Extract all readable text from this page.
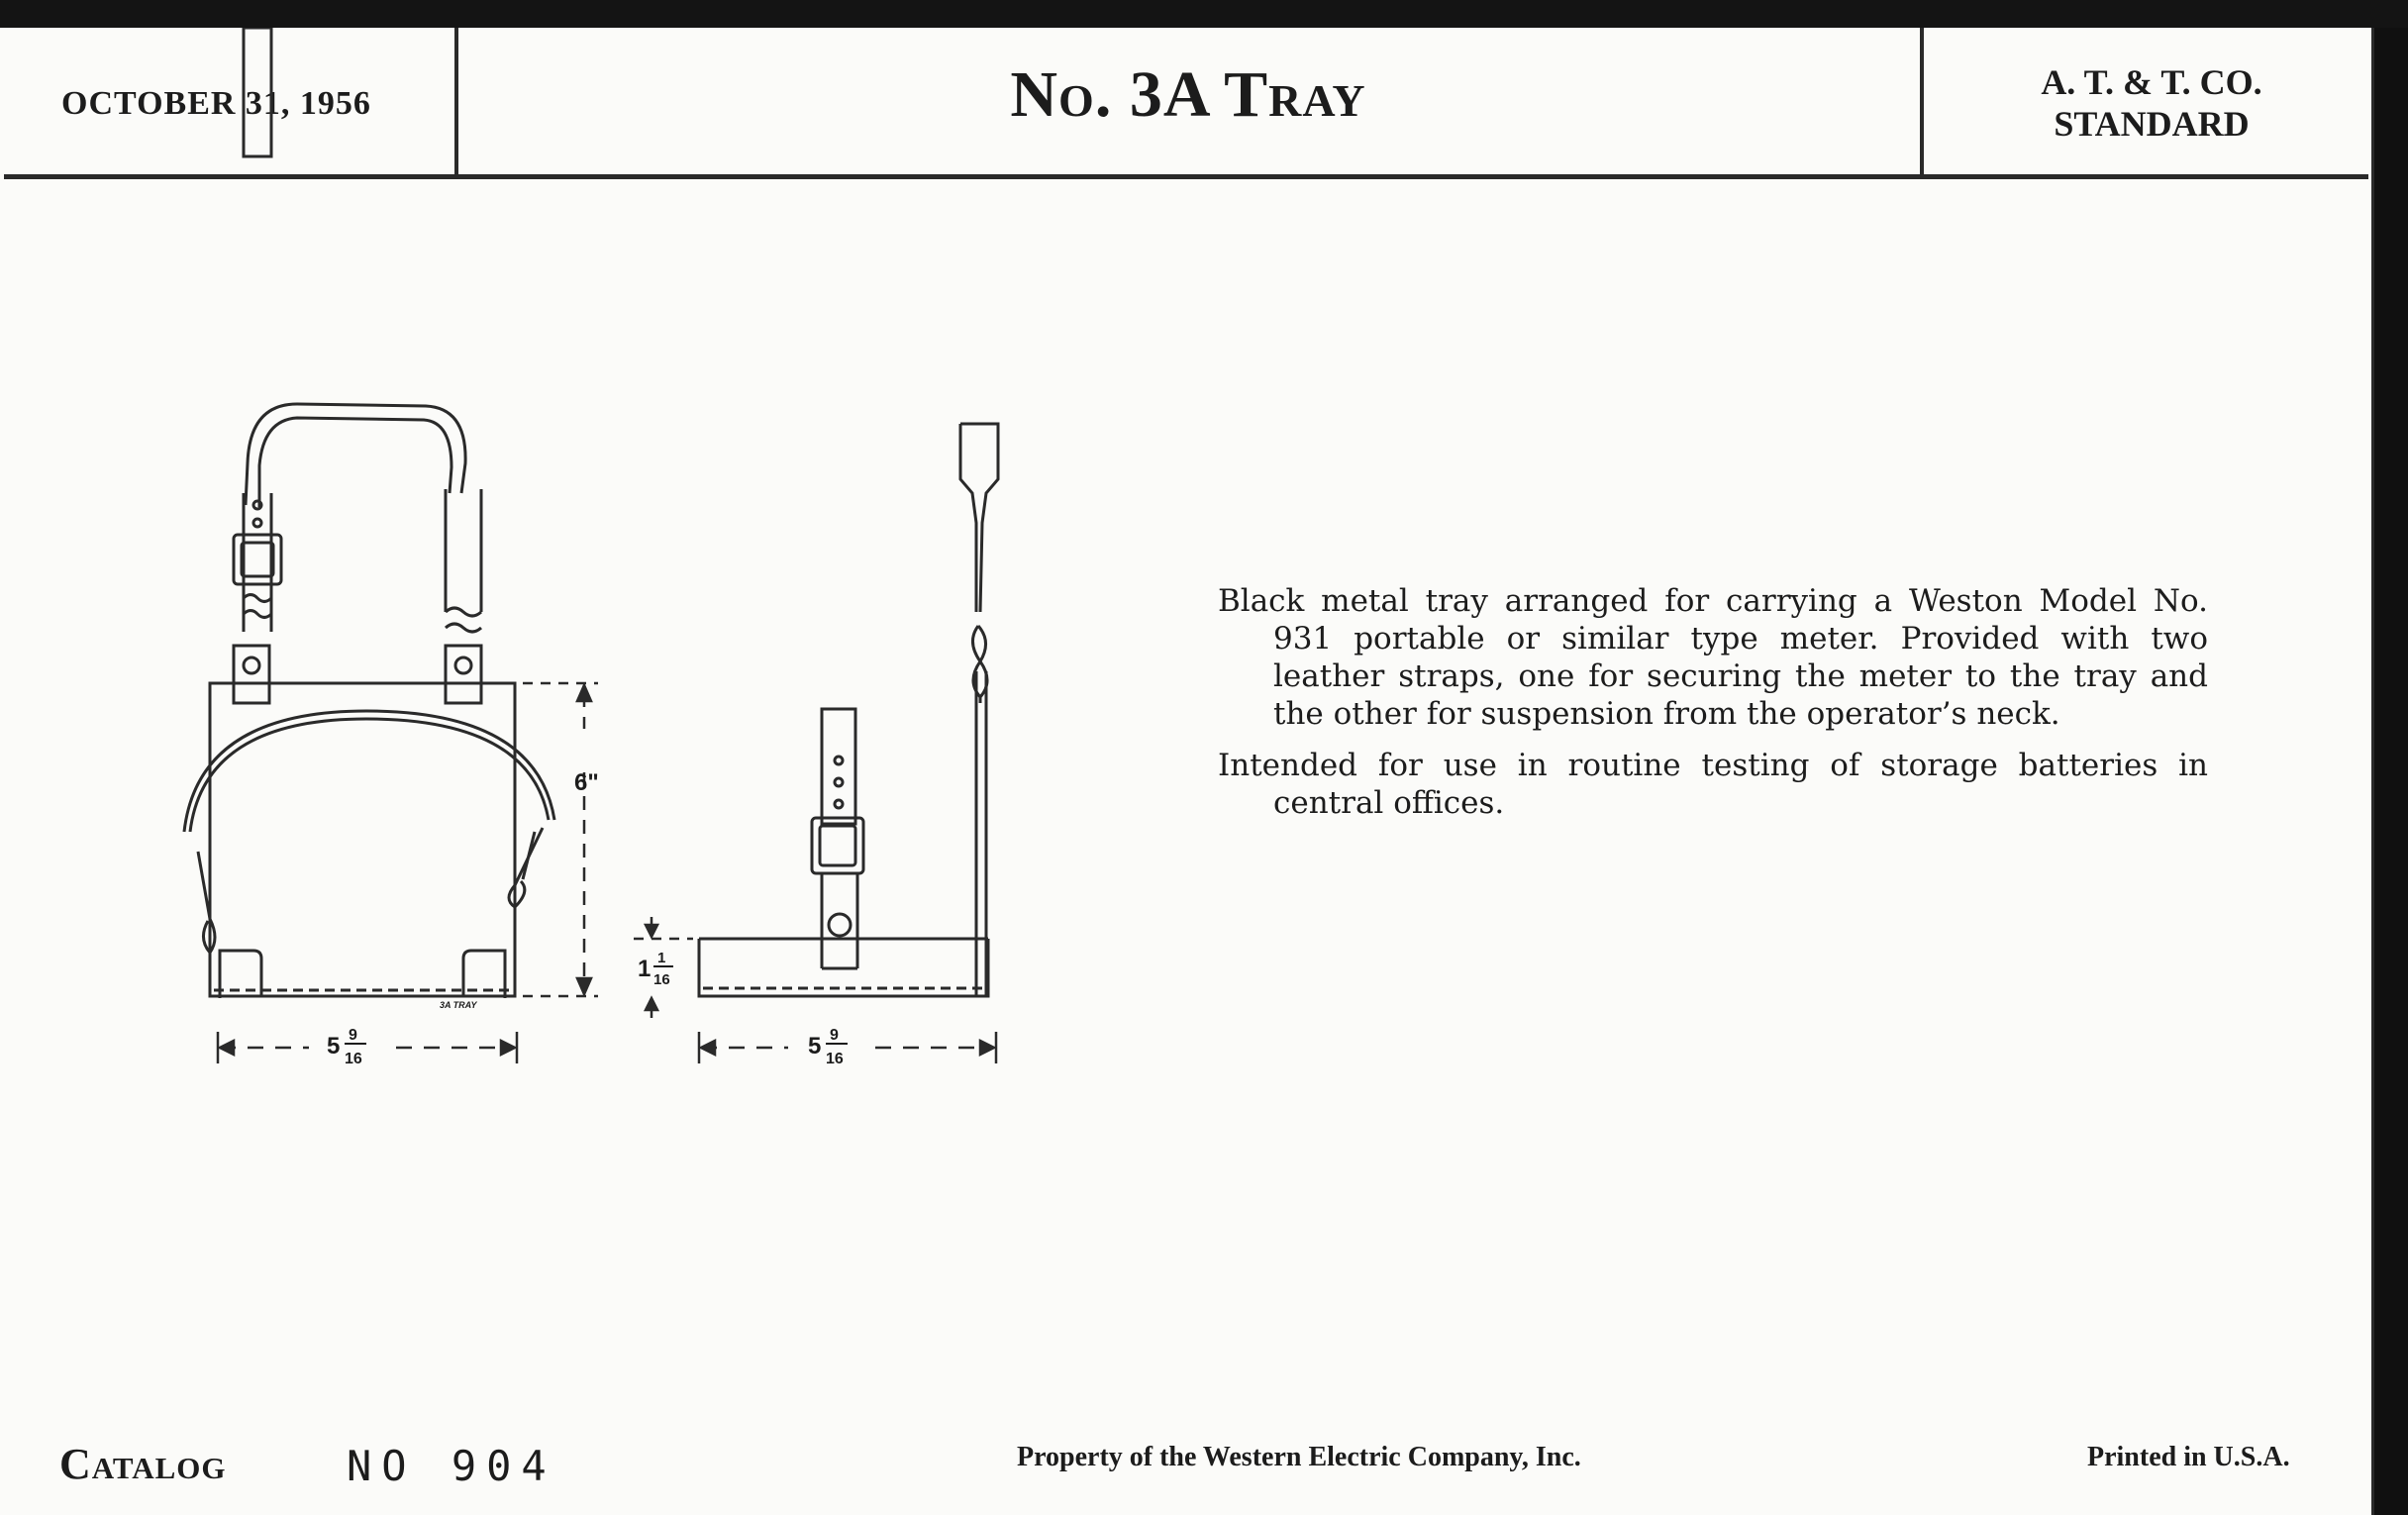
OCTOBER 31, 1956	No. 3A Tray	A. T. & T. CO.
STANDARD
6"
5 9
16	5 9
16
1 1
16
3A TRAY

Black metal tray arranged for carrying a Weston Model No. 931 portable or similar type meter. Provided with two leather straps, one for securing the meter to the tray and the other for suspension from the operator’s neck.

Intended for use in routine testing of storage batteries in central offices.

Catalog	NO 904	Property of the Western Electric Company, Inc.	Printed in U.S.A.
